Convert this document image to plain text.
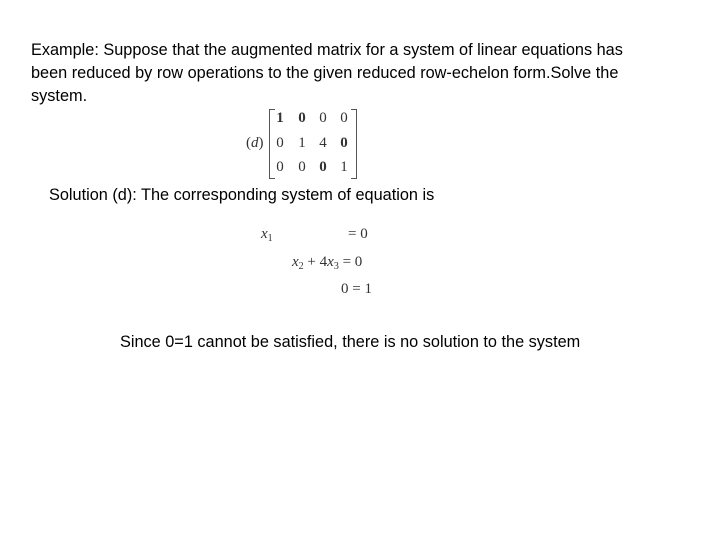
Example: Suppose that the augmented matrix for a system of linear equations has
been reduced by row operations to the given reduced row-echelon form.Solve the
system.
(d)
1 0 0 0
0 1 4 0
0 0 0 1
Solution (d): The corresponding system of equation is
$x_1$	= 0
$x_2 + 4x_3 = 0$
0 = 1
Since 0=1 cannot be satisfied, there is no solution to the system
